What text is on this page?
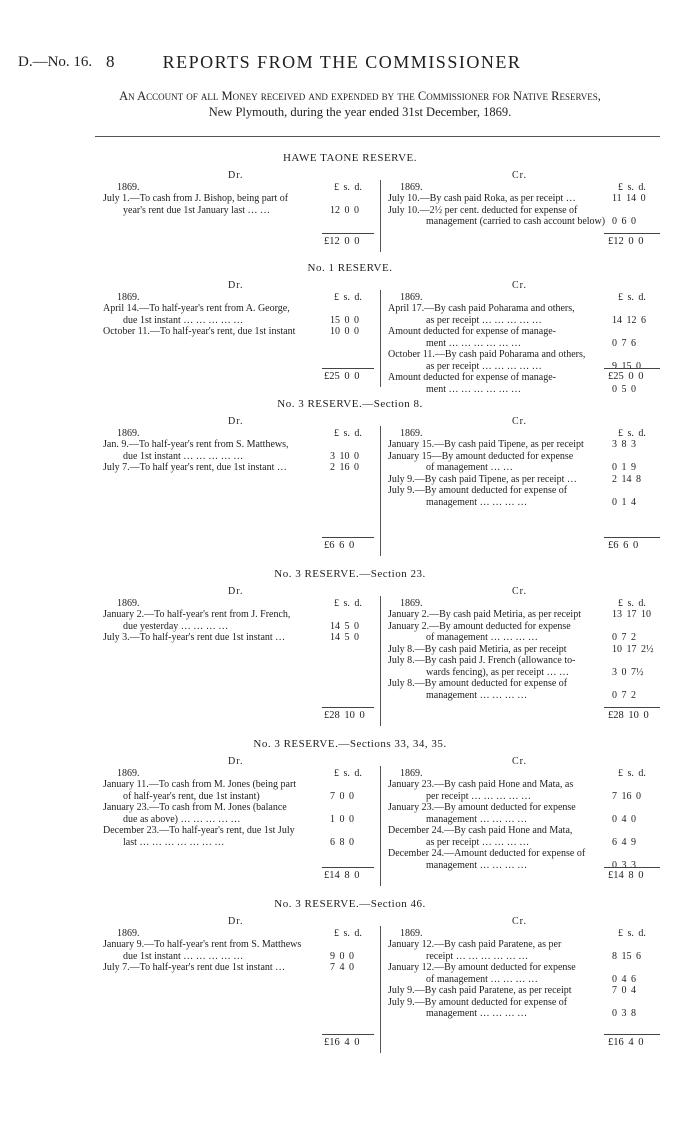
D.—No. 16. 8	REPORTS FROM THE COMMISSIONER
An Account of all Money received and expended by the Commissioner for Native Reserves,
New Plymouth, during the year ended 31st December, 1869.
HAWE TAONE RESERVE.
Dr.	Cr.
1869.	£ s. d.	1869.	£ s. d.
July 1.—To cash from J. Bishop, being part of
year's rent due 1st January last … …	12 0 0
July 10.—By cash paid Roka, as per receipt …	11 14 0
July 10.—2½ per cent. deducted for expense of
management (carried to cash account below) 0 6 0
£12 0 0	£12 0 0
No. 1 RESERVE.
Dr.	Cr.
1869.	£ s. d.	1869.	£ s. d.
April 14.—To half-year's rent from A. George,
due 1st instant … … … … …	15 0 0
October 11.—To half-year's rent, due 1st instant	10 0 0
April 17.—By cash paid Poharama and others,
as per receipt … … … … …	14 12 6
Amount deducted for expense of manage-
ment … … … … … …	0 7 6
October 11.—By cash paid Poharama and others,
as per receipt … … … … …	9 15 0
Amount deducted for expense of manage-
ment … … … … … …	0 5 0
£25 0 0	£25 0 0
No. 3 RESERVE.—Section 8.
Dr.	Cr.
1869.	£ s. d.	1869.	£ s. d.
Jan. 9.—To half-year's rent from S. Matthews,
due 1st instant … … … … …	3 10 0
July 7.—To half year's rent, due 1st instant …	2 16 0
January 15.—By cash paid Tipene, as per receipt	3 8 3
January 15—By amount deducted for expense
of management … …	0 1 9
July 9.—By cash paid Tipene, as per receipt …	2 14 8
July 9.—By amount deducted for expense of
management … … … …	0 1 4
£6 6 0	£6 6 0
No. 3 RESERVE.—Section 23.
Dr.	Cr.
1869.	£ s. d.	1869.	£ s. d.
January 2.—To half-year's rent from J. French,
due yesterday … … … …	14 5 0
July 3.—To half-year's rent due 1st instant …	14 5 0
January 2.—By cash paid Metiria, as per receipt	13 17 10
January 2.—By amount deducted for expense
of management … … … …	0 7 2
July 8.—By cash paid Metiria, as per receipt	10 17 2½
July 8.—By cash paid J. French (allowance to-
wards fencing), as per receipt … …	3 0 7½
July 8.—By amount deducted for expense of
management … … … …	0 7 2
£28 10 0	£28 10 0
No. 3 RESERVE.—Sections 33, 34, 35.
Dr.	Cr.
1869.	£ s. d.	1869.	£ s. d.
January 11.—To cash from M. Jones (being part
of half-year's rent, due 1st instant)	7 0 0
January 23.—To cash from M. Jones (balance
due as above) … … … … …	1 0 0
December 23.—To half-year's rent, due 1st July
last … … … … … … …	6 8 0
January 23.—By cash paid Hone and Mata, as
per receipt … … … … …	7 16 0
January 23.—By amount deducted for expense
management … … … …	0 4 0
December 24.—By cash paid Hone and Mata,
as per receipt … … … …	6 4 9
December 24.—Amount deducted for expense of
management … … … …	0 3 3
£14 8 0	£14 8 0
No. 3 RESERVE.—Section 46.
Dr.	Cr.
1869.	£ s. d.	1869.	£ s. d.
January 9.—To half-year's rent from S. Matthews
due 1st instant … … … … …	9 0 0
July 7.—To half-year's rent due 1st instant …	7 4 0
January 12.—By cash paid Paratene, as per
receipt … … … … … …	8 15 6
January 12.—By amount deducted for expense
of management … … … …	0 4 6
July 9.—By cash paid Paratene, as per receipt	7 0 4
July 9.—By amount deducted for expense of
management … … … …	0 3 8
£16 4 0	£16 4 0
